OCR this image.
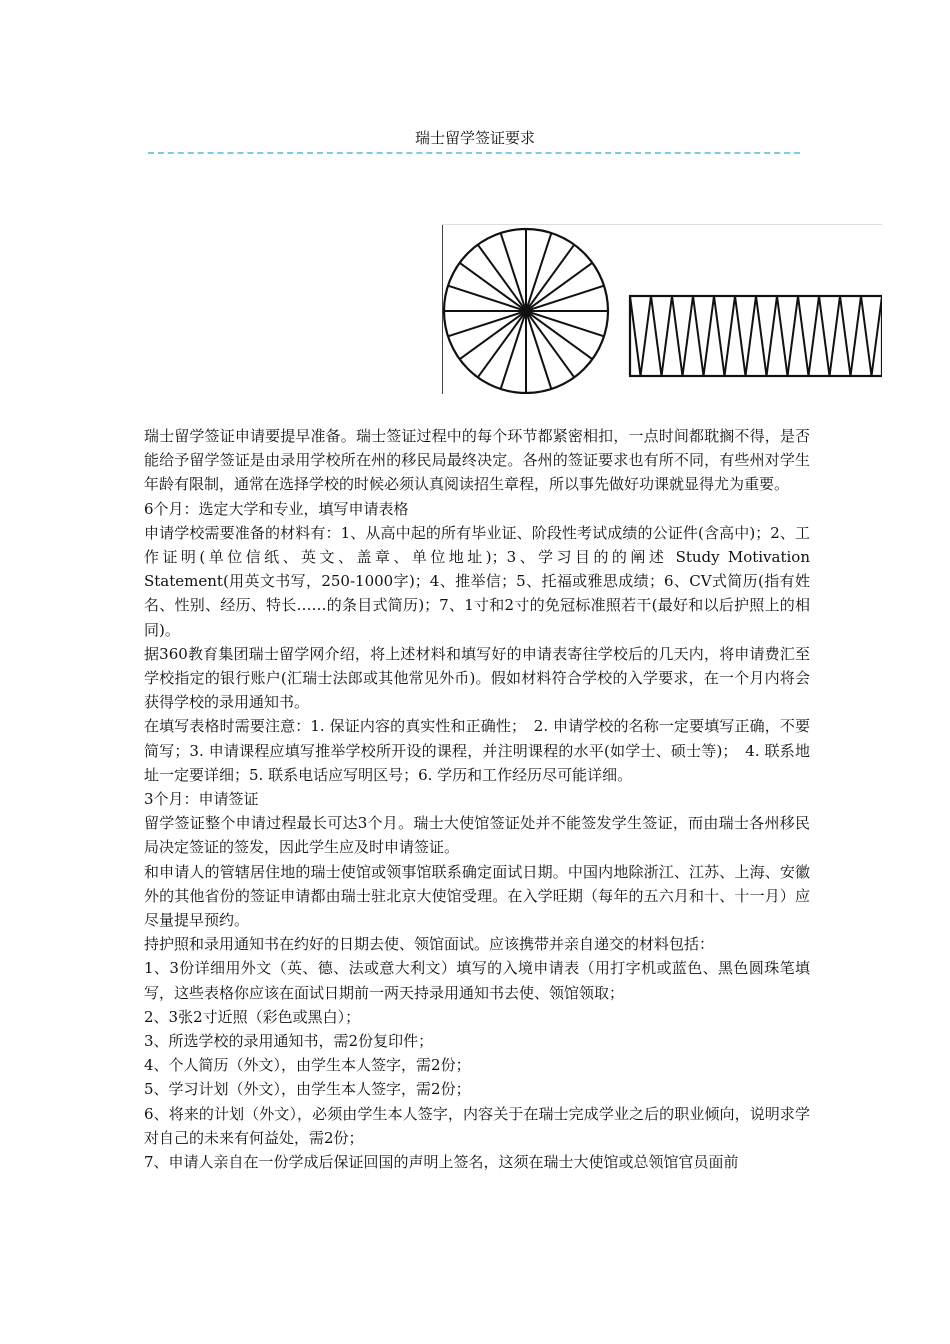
瑞士留学签证要求

瑞士留学签证申请要提早准备。瑞士签证过程中的每个环节都紧密相扣，一点时间都耽搁不得，是否能给予留学签证是由录用学校所在州的移民局最终决定。各州的签证要求也有所不同，有些州对学生年龄有限制，通常在选择学校的时候必须认真阅读招生章程，所以事先做好功课就显得尤为重要。

6个月：选定大学和专业，填写申请表格

申请学校需要准备的材料有：1、从高中起的所有毕业证、阶段性考试成绩的公证件(含高中)；2、工作证明(单位信纸、英文、盖章、单位地址)；3、学习目的的阐述 Study Motivation Statement(用英文书写，250-1000字)；4、推举信；5、托福或雅思成绩；6、CV式简历(指有姓名、性别、经历、特长……的条目式简历)；7、1寸和2寸的免冠标准照若干(最好和以后护照上的相同)。

据360教育集团瑞士留学网介绍，将上述材料和填写好的申请表寄往学校后的几天内，将申请费汇至学校指定的银行账户(汇瑞士法郎或其他常见外币)。假如材料符合学校的入学要求，在一个月内将会获得学校的录用通知书。

在填写表格时需要注意：1. 保证内容的真实性和正确性；　2. 申请学校的名称一定要填写正确，不要简写；3. 申请课程应填写推举学校所开设的课程，并注明课程的水平(如学士、硕士等)；　4. 联系地址一定要详细；5. 联系电话应写明区号；6. 学历和工作经历尽可能详细。

3个月：申请签证

留学签证整个申请过程最长可达3个月。瑞士大使馆签证处并不能签发学生签证，而由瑞士各州移民局决定签证的签发，因此学生应及时申请签证。

和申请人的管辖居住地的瑞士使馆或领事馆联系确定面试日期。中国内地除浙江、江苏、上海、安徽外的其他省份的签证申请都由瑞士驻北京大使馆受理。在入学旺期（每年的五六月和十、十一月）应尽量提早预约。

持护照和录用通知书在约好的日期去使、领馆面试。应该携带并亲自递交的材料包括：

1、3份详细用外文（英、德、法或意大利文）填写的入境申请表（用打字机或蓝色、黑色圆珠笔填写，这些表格你应该在面试日期前一两天持录用通知书去使、领馆领取；

2、3张2寸近照（彩色或黑白）；

3、所选学校的录用通知书，需2份复印件；

4、个人简历（外文），由学生本人签字，需2份；

5、学习计划（外文），由学生本人签字，需2份；

6、将来的计划（外文），必须由学生本人签字，内容关于在瑞士完成学业之后的职业倾向，说明求学对自己的未来有何益处，需2份；

7、申请人亲自在一份学成后保证回国的声明上签名，这须在瑞士大使馆或总领馆官员面前
